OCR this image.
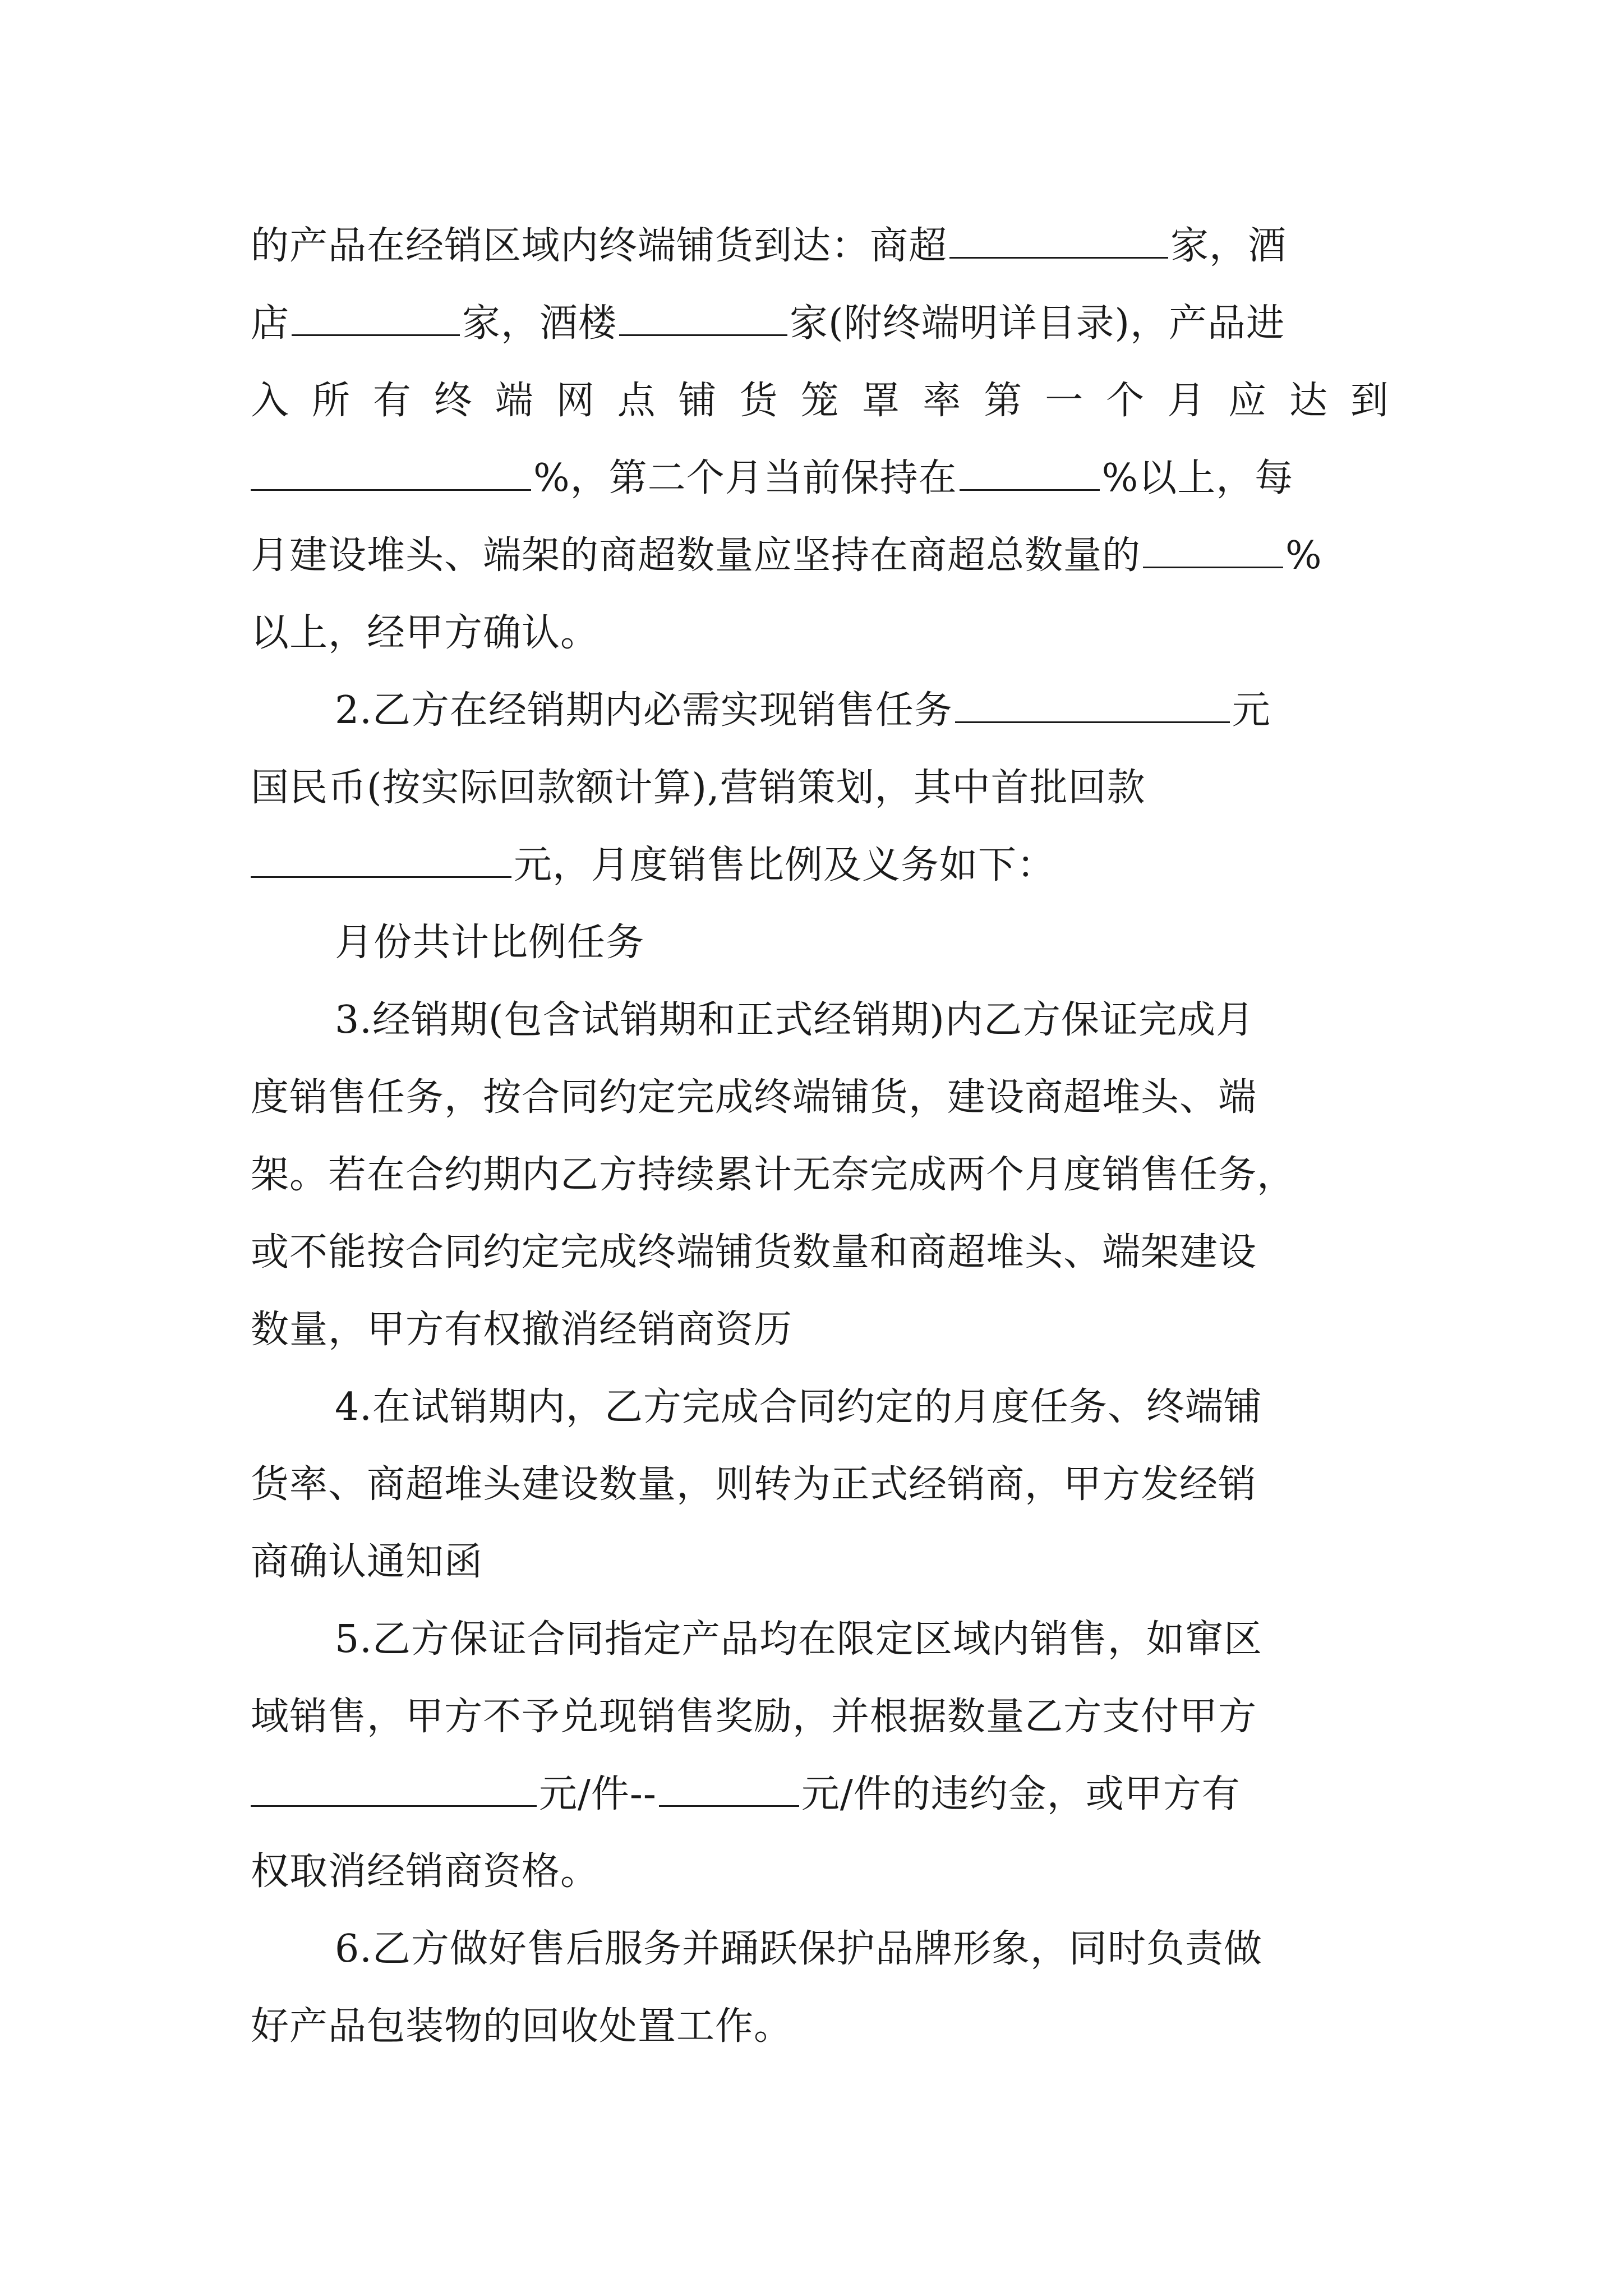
的产品在经销区域内终端铺货到达：商超	家，酒
店	家，酒楼	家(附终端明详目录)，产品进
入 所 有 终 端 网 点 铺 货 笼 罩 率 第 一 个 月 应 达 到
%，第二个月当前保持在	%以上，每
月建设堆头、端架的商超数量应坚持在商超总数量的	%
以上，经甲方确认。
2.乙方在经销期内必需实现销售任务	元
国民币(按实际回款额计算),营销策划，其中首批回款
元，月度销售比例及义务如下：
月份共计比例任务
3.经销期(包含试销期和正式经销期)内乙方保证完成月
度销售任务，按合同约定完成终端铺货，建设商超堆头、端
架。若在合约期内乙方持续累计无奈完成两个月度销售任务，
或不能按合同约定完成终端铺货数量和商超堆头、端架建设
数量，甲方有权撤消经销商资历
4.在试销期内，乙方完成合同约定的月度任务、终端铺
货率、商超堆头建设数量，则转为正式经销商，甲方发经销
商确认通知函
5.乙方保证合同指定产品均在限定区域内销售，如窜区
域销售，甲方不予兑现销售奖励，并根据数量乙方支付甲方
元/件--	元/件的违约金，或甲方有
权取消经销商资格。
6.乙方做好售后服务并踊跃保护品牌形象，同时负责做
好产品包装物的回收处置工作。
